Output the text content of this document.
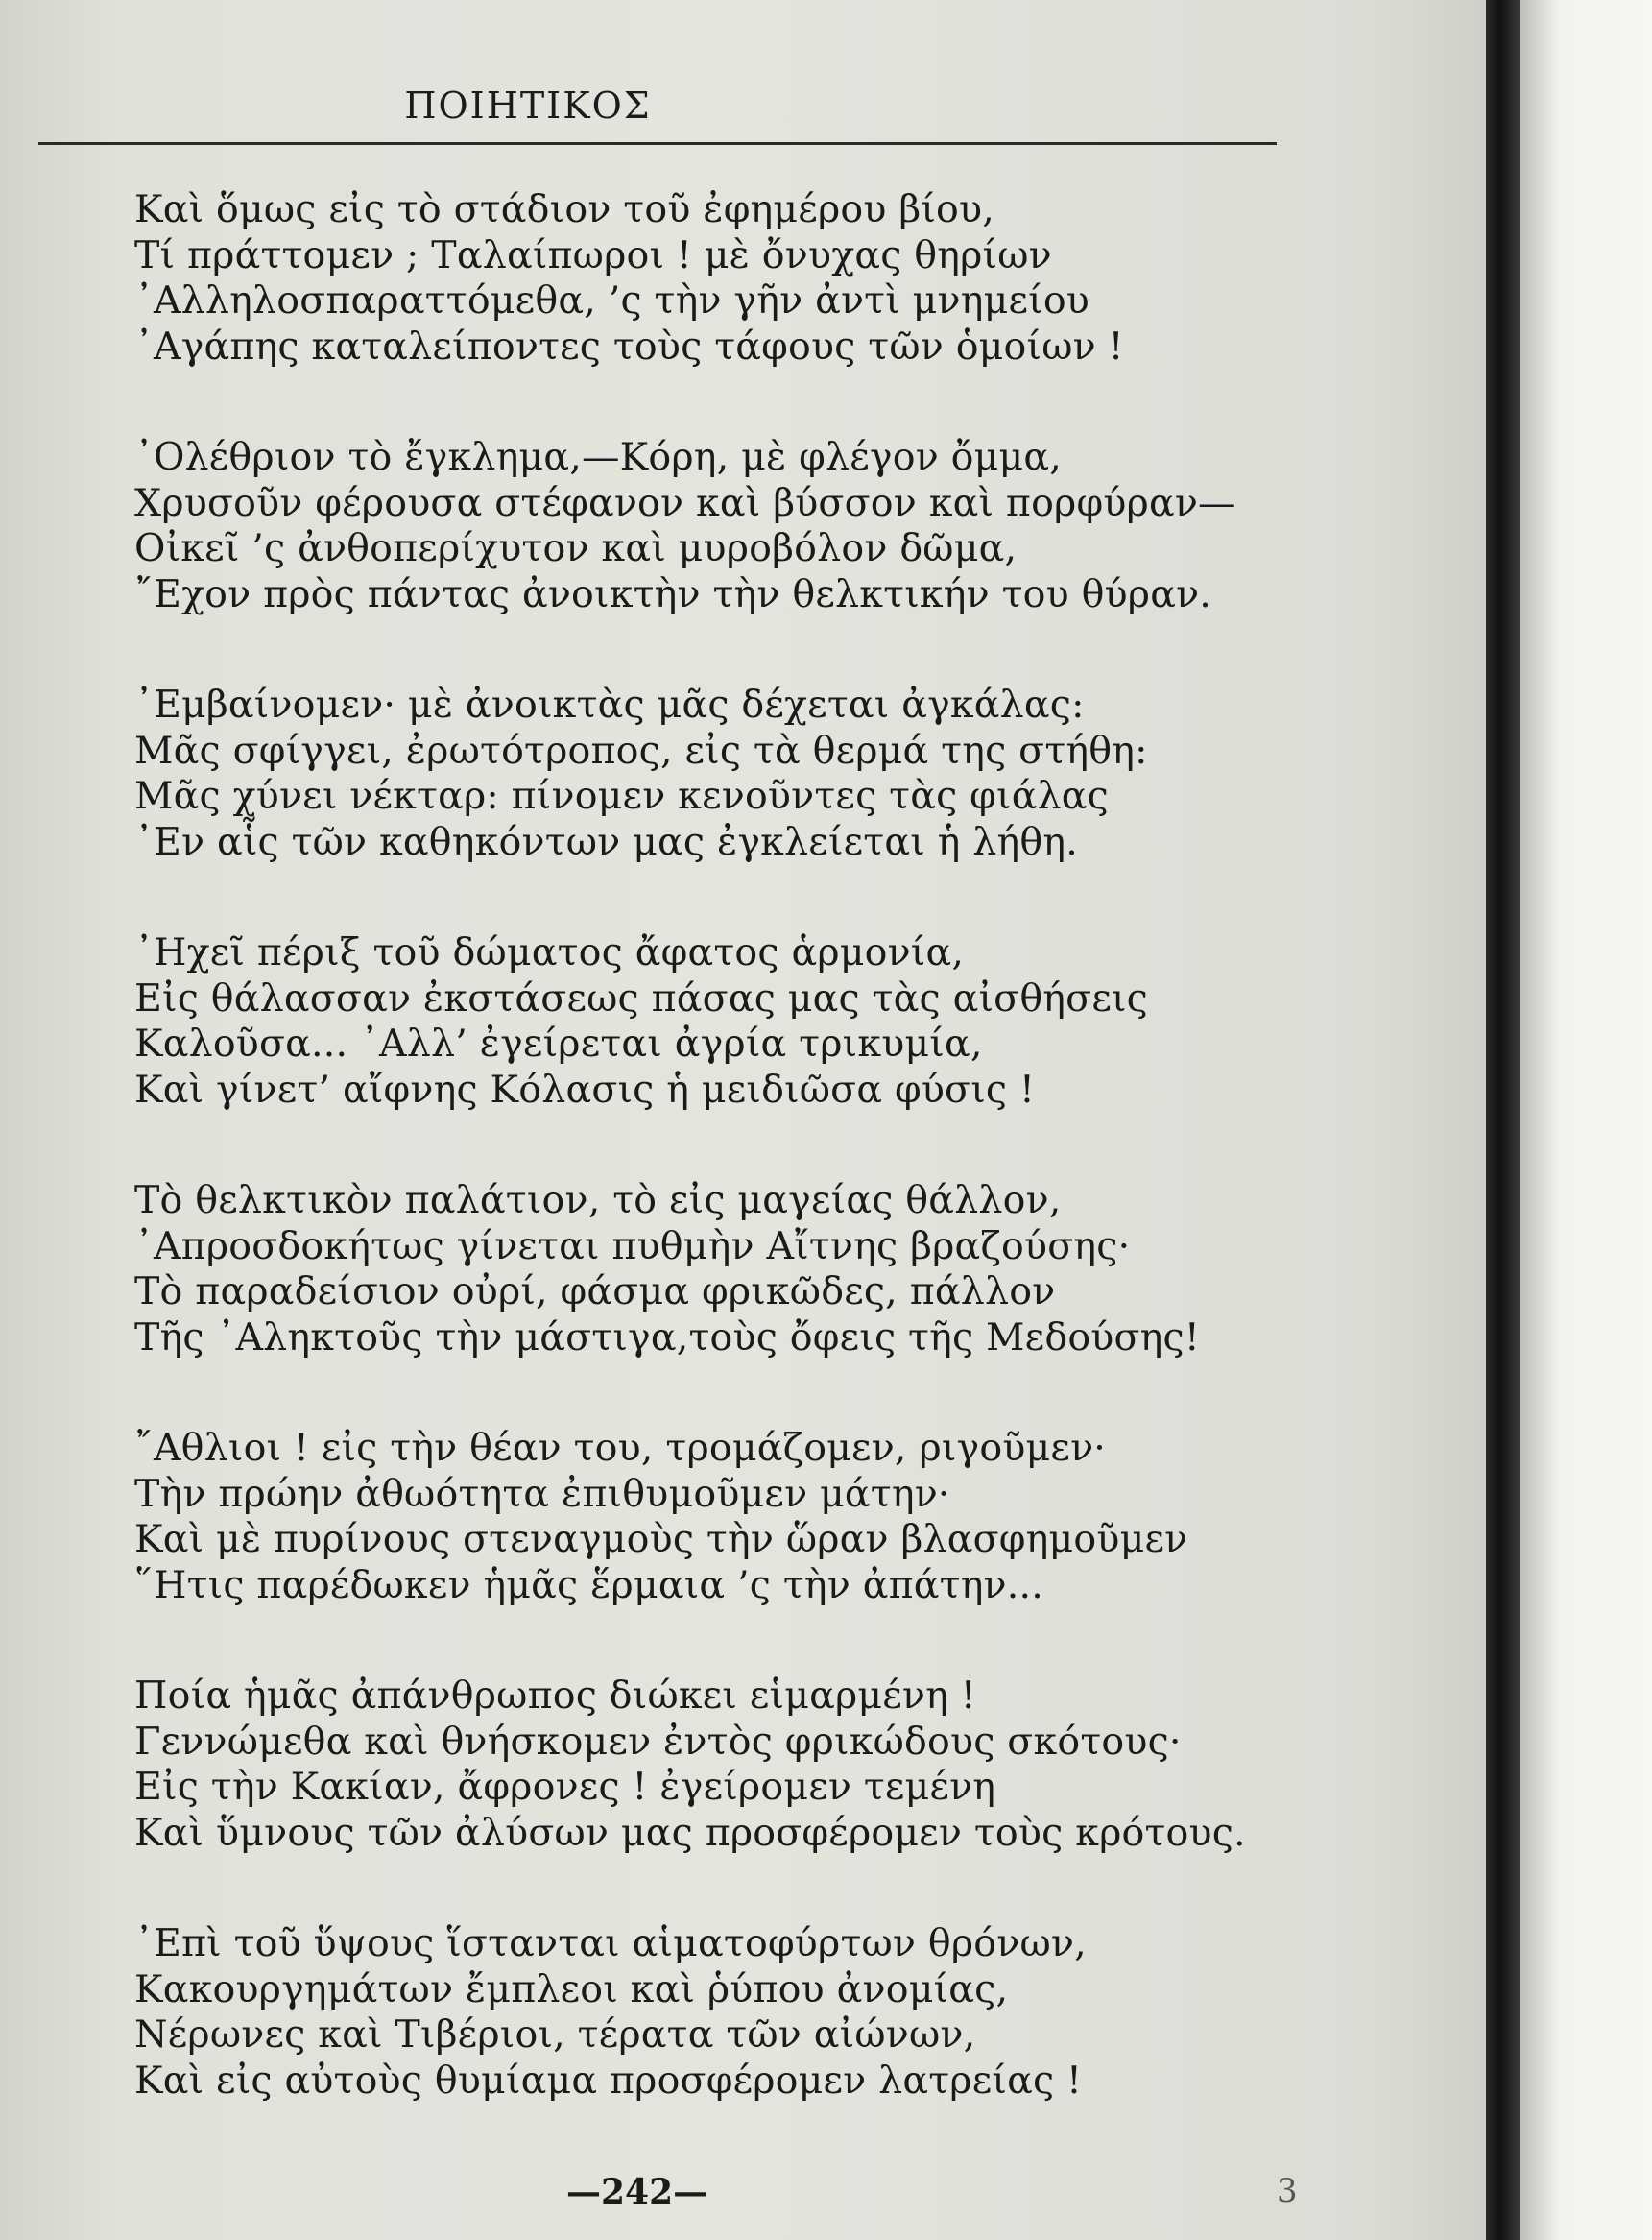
ΠΟΙΗΤΙΚΟΣ
Καὶ ὅμως εἰς τὸ στάδιον τοῦ ἐφημέρου βίου,
Τί πράττομεν ; Ταλαίπωροι ! μὲ ὄνυχας θηρίων
᾿Αλληλοσπαραττόμεθα, ’ς τὴν γῆν ἀντὶ μνημείου
᾿Αγάπης καταλείποντες τοὺς τάφους τῶν ὁμοίων !
᾿Ολέθριον τὸ ἔγκλημα,—Κόρη, μὲ φλέγον ὄμμα,
Χρυσοῦν φέρουσα στέφανον καὶ βύσσον καὶ πορφύραν—
Οἰκεῖ ’ς ἀνθοπερίχυτον καὶ μυροβόλον δῶμα,
῎Εχον πρὸς πάντας ἀνοικτὴν τὴν θελκτικήν του θύραν.
᾿Εμβαίνομεν· μὲ ἀνοικτὰς μᾶς δέχεται ἀγκάλας:
Μᾶς σφίγγει, ἐρωτότροπος, εἰς τὰ θερμά της στήθη:
Μᾶς χύνει νέκταρ: πίνομεν κενοῦντες τὰς φιάλας
᾿Εν αἷς τῶν καθηκόντων μας ἐγκλείεται ἡ λήθη.
᾿Ηχεῖ πέριξ τοῦ δώματος ἄφατος ἁρμονία,
Εἰς θάλασσαν ἐκστάσεως πάσας μας τὰς αἰσθήσεις
Καλοῦσα... ᾿Αλλ’ ἐγείρεται ἀγρία τρικυμία,
Καὶ γίνετ’ αἴφνης Κόλασις ἡ μειδιῶσα φύσις !
Τὸ θελκτικὸν παλάτιον, τὸ εἰς μαγείας θάλλον,
᾿Απροσδοκήτως γίνεται πυθμὴν Αἴτνης βραζούσης·
Τὸ παραδείσιον οὐρί, φάσμα φρικῶδες, πάλλον
Τῆς ᾿Αληκτοῦς τὴν μάστιγα,τοὺς ὄφεις τῆς Μεδούσης!
῎Αθλιοι ! εἰς τὴν θέαν του, τρομάζομεν, ριγοῦμεν·
Τὴν πρώην ἀθωότητα ἐπιθυμοῦμεν μάτην·
Καὶ μὲ πυρίνους στεναγμοὺς τὴν ὥραν βλασφημοῦμεν
῞Ητις παρέδωκεν ἡμᾶς ἕρμαια ’ς τὴν ἀπάτην...
Ποία ἡμᾶς ἀπάνθρωπος διώκει εἱμαρμένη !
Γεννώμεθα καὶ θνήσκομεν ἐντὸς φρικώδους σκότους·
Εἰς τὴν Κακίαν, ἄφρονες ! ἐγείρομεν τεμένη
Καὶ ὕμνους τῶν ἀλύσων μας προσφέρομεν τοὺς κρότους.
᾿Επὶ τοῦ ὕψους ἵστανται αἱματοφύρτων θρόνων,
Κακουργημάτων ἔμπλεοι καὶ ῥύπου ἀνομίας,
Νέρωνες καὶ Τιβέριοι, τέρατα τῶν αἰώνων,
Καὶ εἰς αὐτοὺς θυμίαμα προσφέρομεν λατρείας !
—242—	3
